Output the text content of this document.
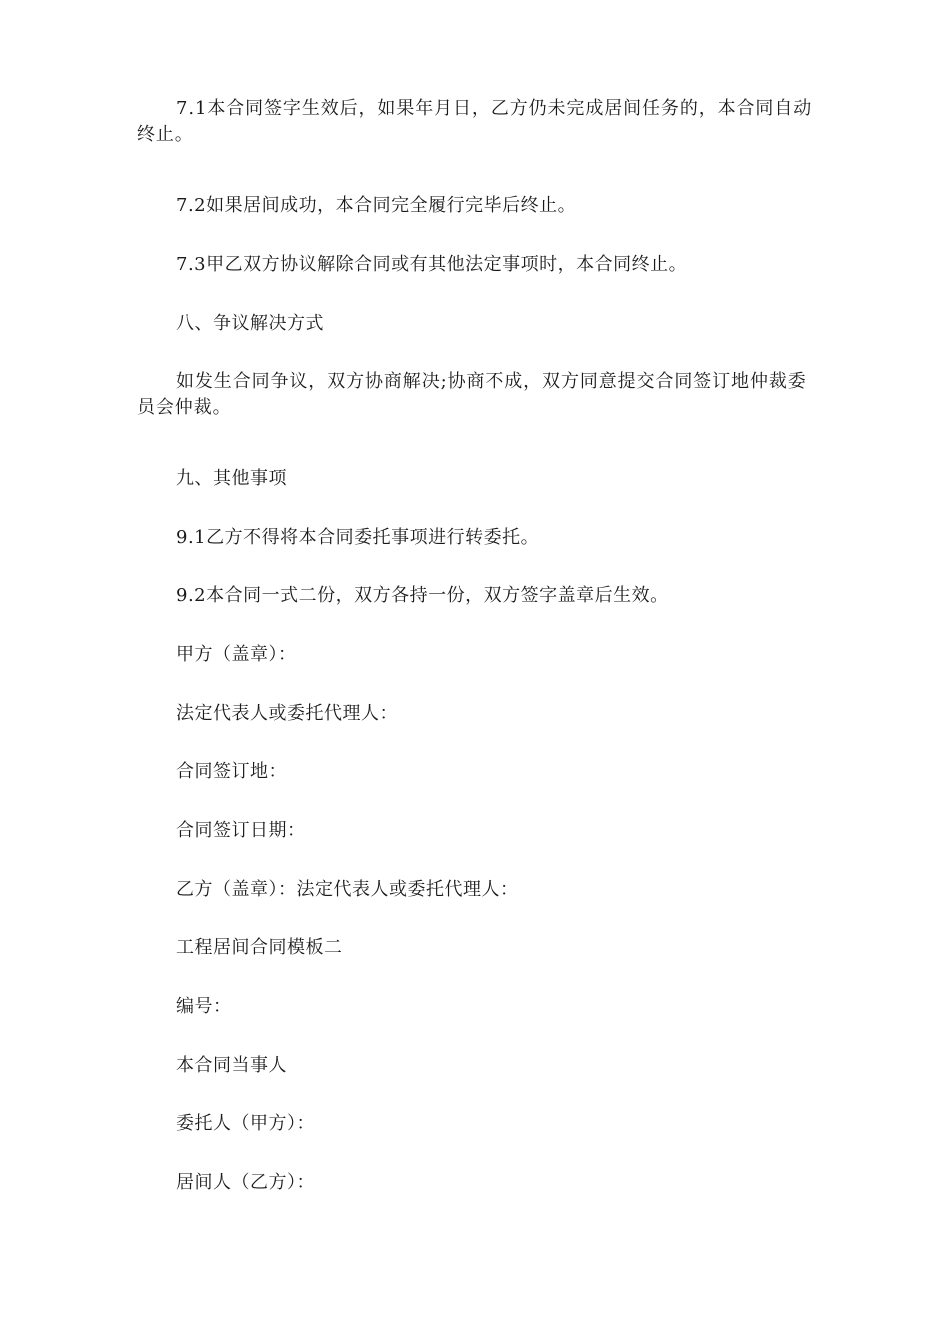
7.1本合同签字生效后，如果年月日，乙方仍未完成居间任务的，本合同自动终止。

7.2如果居间成功，本合同完全履行完毕后终止。

7.3甲乙双方协议解除合同或有其他法定事项时，本合同终止。

八、争议解决方式

如发生合同争议，双方协商解决;协商不成，双方同意提交合同签订地仲裁委员会仲裁。

九、其他事项

9.1乙方不得将本合同委托事项进行转委托。

9.2本合同一式二份，双方各持一份，双方签字盖章后生效。

甲方（盖章）：

法定代表人或委托代理人：

合同签订地：

合同签订日期：

乙方（盖章）：法定代表人或委托代理人：

工程居间合同模板二

编号：

本合同当事人

委托人（甲方）：

居间人（乙方）：
